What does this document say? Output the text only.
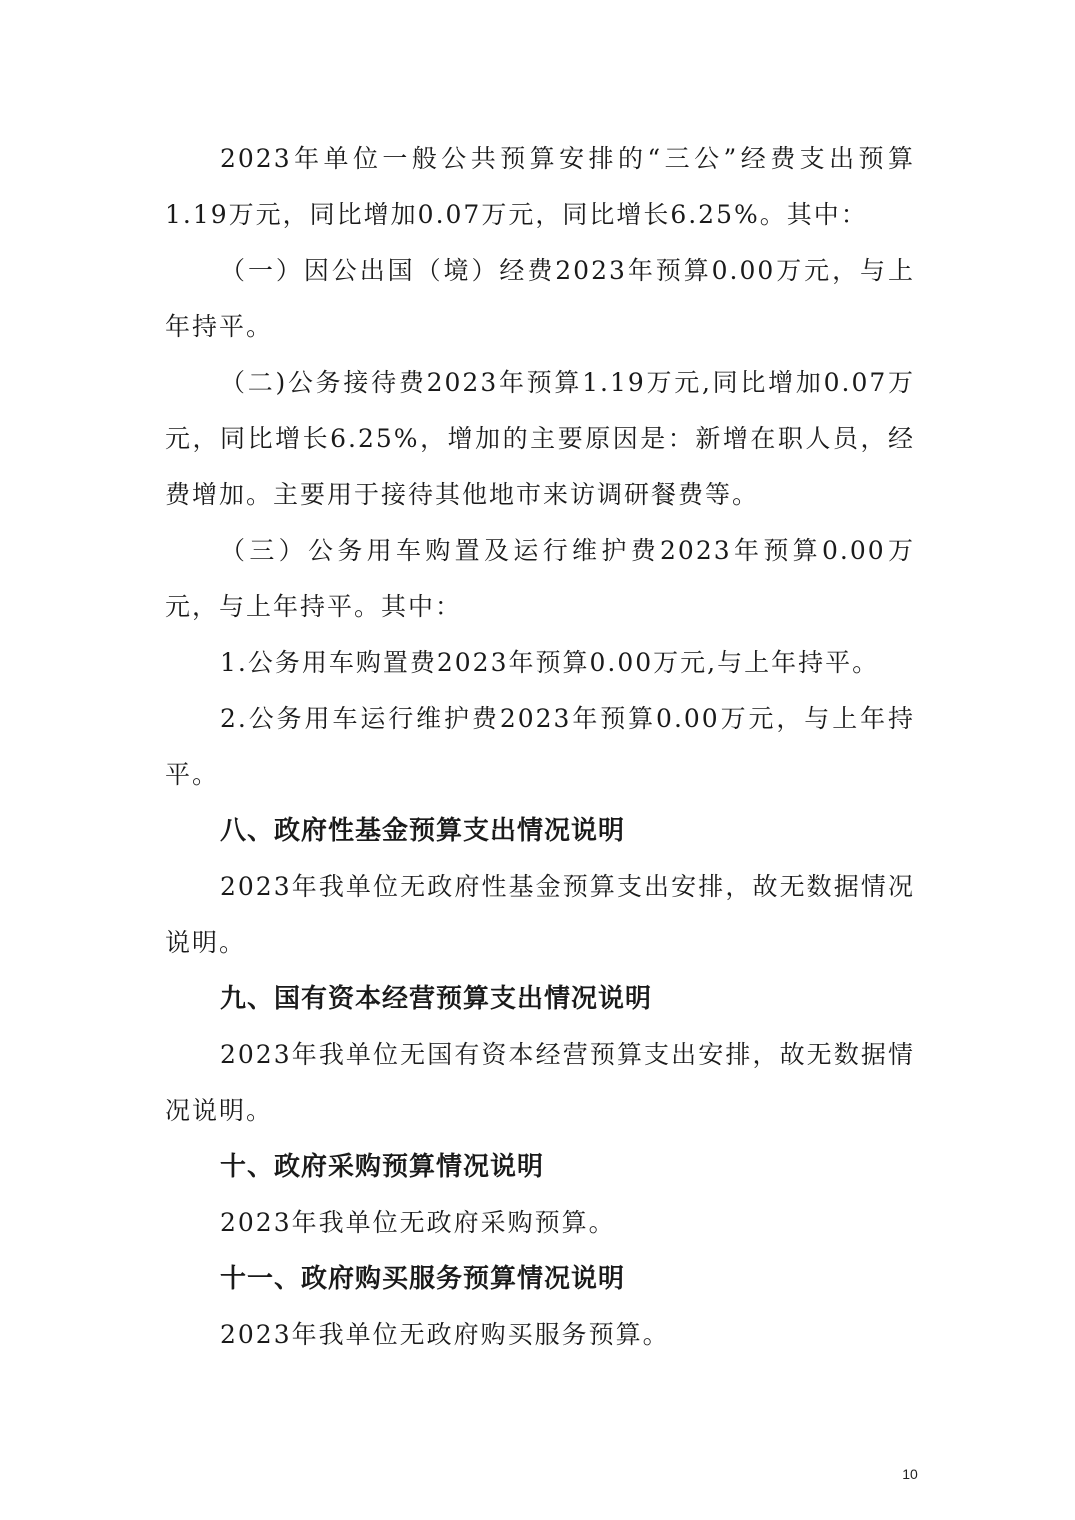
2023年单位一般公共预算安排的“三公”经费支出预算1.19万元，同比增加0.07万元，同比增长6.25%。其中：

（一）因公出国（境）经费2023年预算0.00万元，与上年持平。

（二)公务接待费2023年预算1.19万元,同比增加0.07万元，同比增长6.25%，增加的主要原因是：新增在职人员，经费增加。主要用于接待其他地市来访调研餐费等。

（三）公务用车购置及运行维护费2023年预算0.00万元，与上年持平。其中：

1.公务用车购置费2023年预算0.00万元,与上年持平。

2.公务用车运行维护费2023年预算0.00万元，与上年持平。

八、政府性基金预算支出情况说明

2023年我单位无政府性基金预算支出安排，故无数据情况说明。

九、国有资本经营预算支出情况说明

2023年我单位无国有资本经营预算支出安排，故无数据情况说明。

十、政府采购预算情况说明

2023年我单位无政府采购预算。

十一、政府购买服务预算情况说明

2023年我单位无政府购买服务预算。

10
